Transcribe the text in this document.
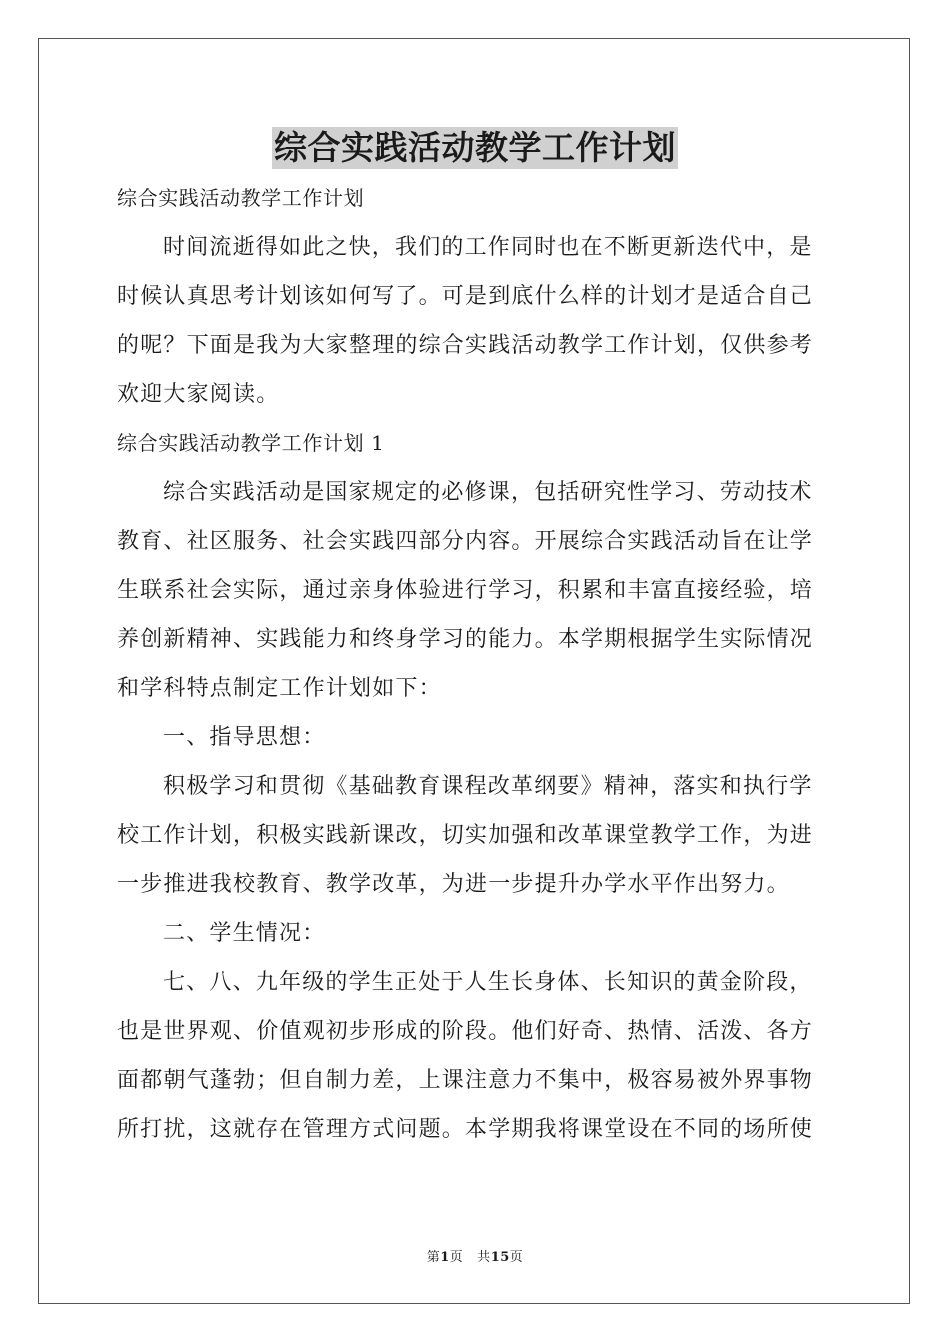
综合实践活动教学工作计划
综合实践活动教学工作计划
时间流逝得如此之快，我们的工作同时也在不断更新迭代中，是
时候认真思考计划该如何写了。可是到底什么样的计划才是适合自己
的呢？下面是我为大家整理的综合实践活动教学工作计划，仅供参考
欢迎大家阅读。
综合实践活动教学工作计划 1
综合实践活动是国家规定的必修课，包括研究性学习、劳动技术
教育、社区服务、社会实践四部分内容。开展综合实践活动旨在让学
生联系社会实际，通过亲身体验进行学习，积累和丰富直接经验，培
养创新精神、实践能力和终身学习的能力。本学期根据学生实际情况
和学科特点制定工作计划如下：
一、指导思想：
积极学习和贯彻《基础教育课程改革纲要》精神，落实和执行学
校工作计划，积极实践新课改，切实加强和改革课堂教学工作，为进
一步推进我校教育、教学改革，为进一步提升办学水平作出努力。
二、学生情况：
七、八、九年级的学生正处于人生长身体、长知识的黄金阶段，
也是世界观、价值观初步形成的阶段。他们好奇、热情、活泼、各方
面都朝气蓬勃；但自制力差，上课注意力不集中，极容易被外界事物
所打扰，这就存在管理方式问题。本学期我将课堂设在不同的场所使
第1页 共15页
